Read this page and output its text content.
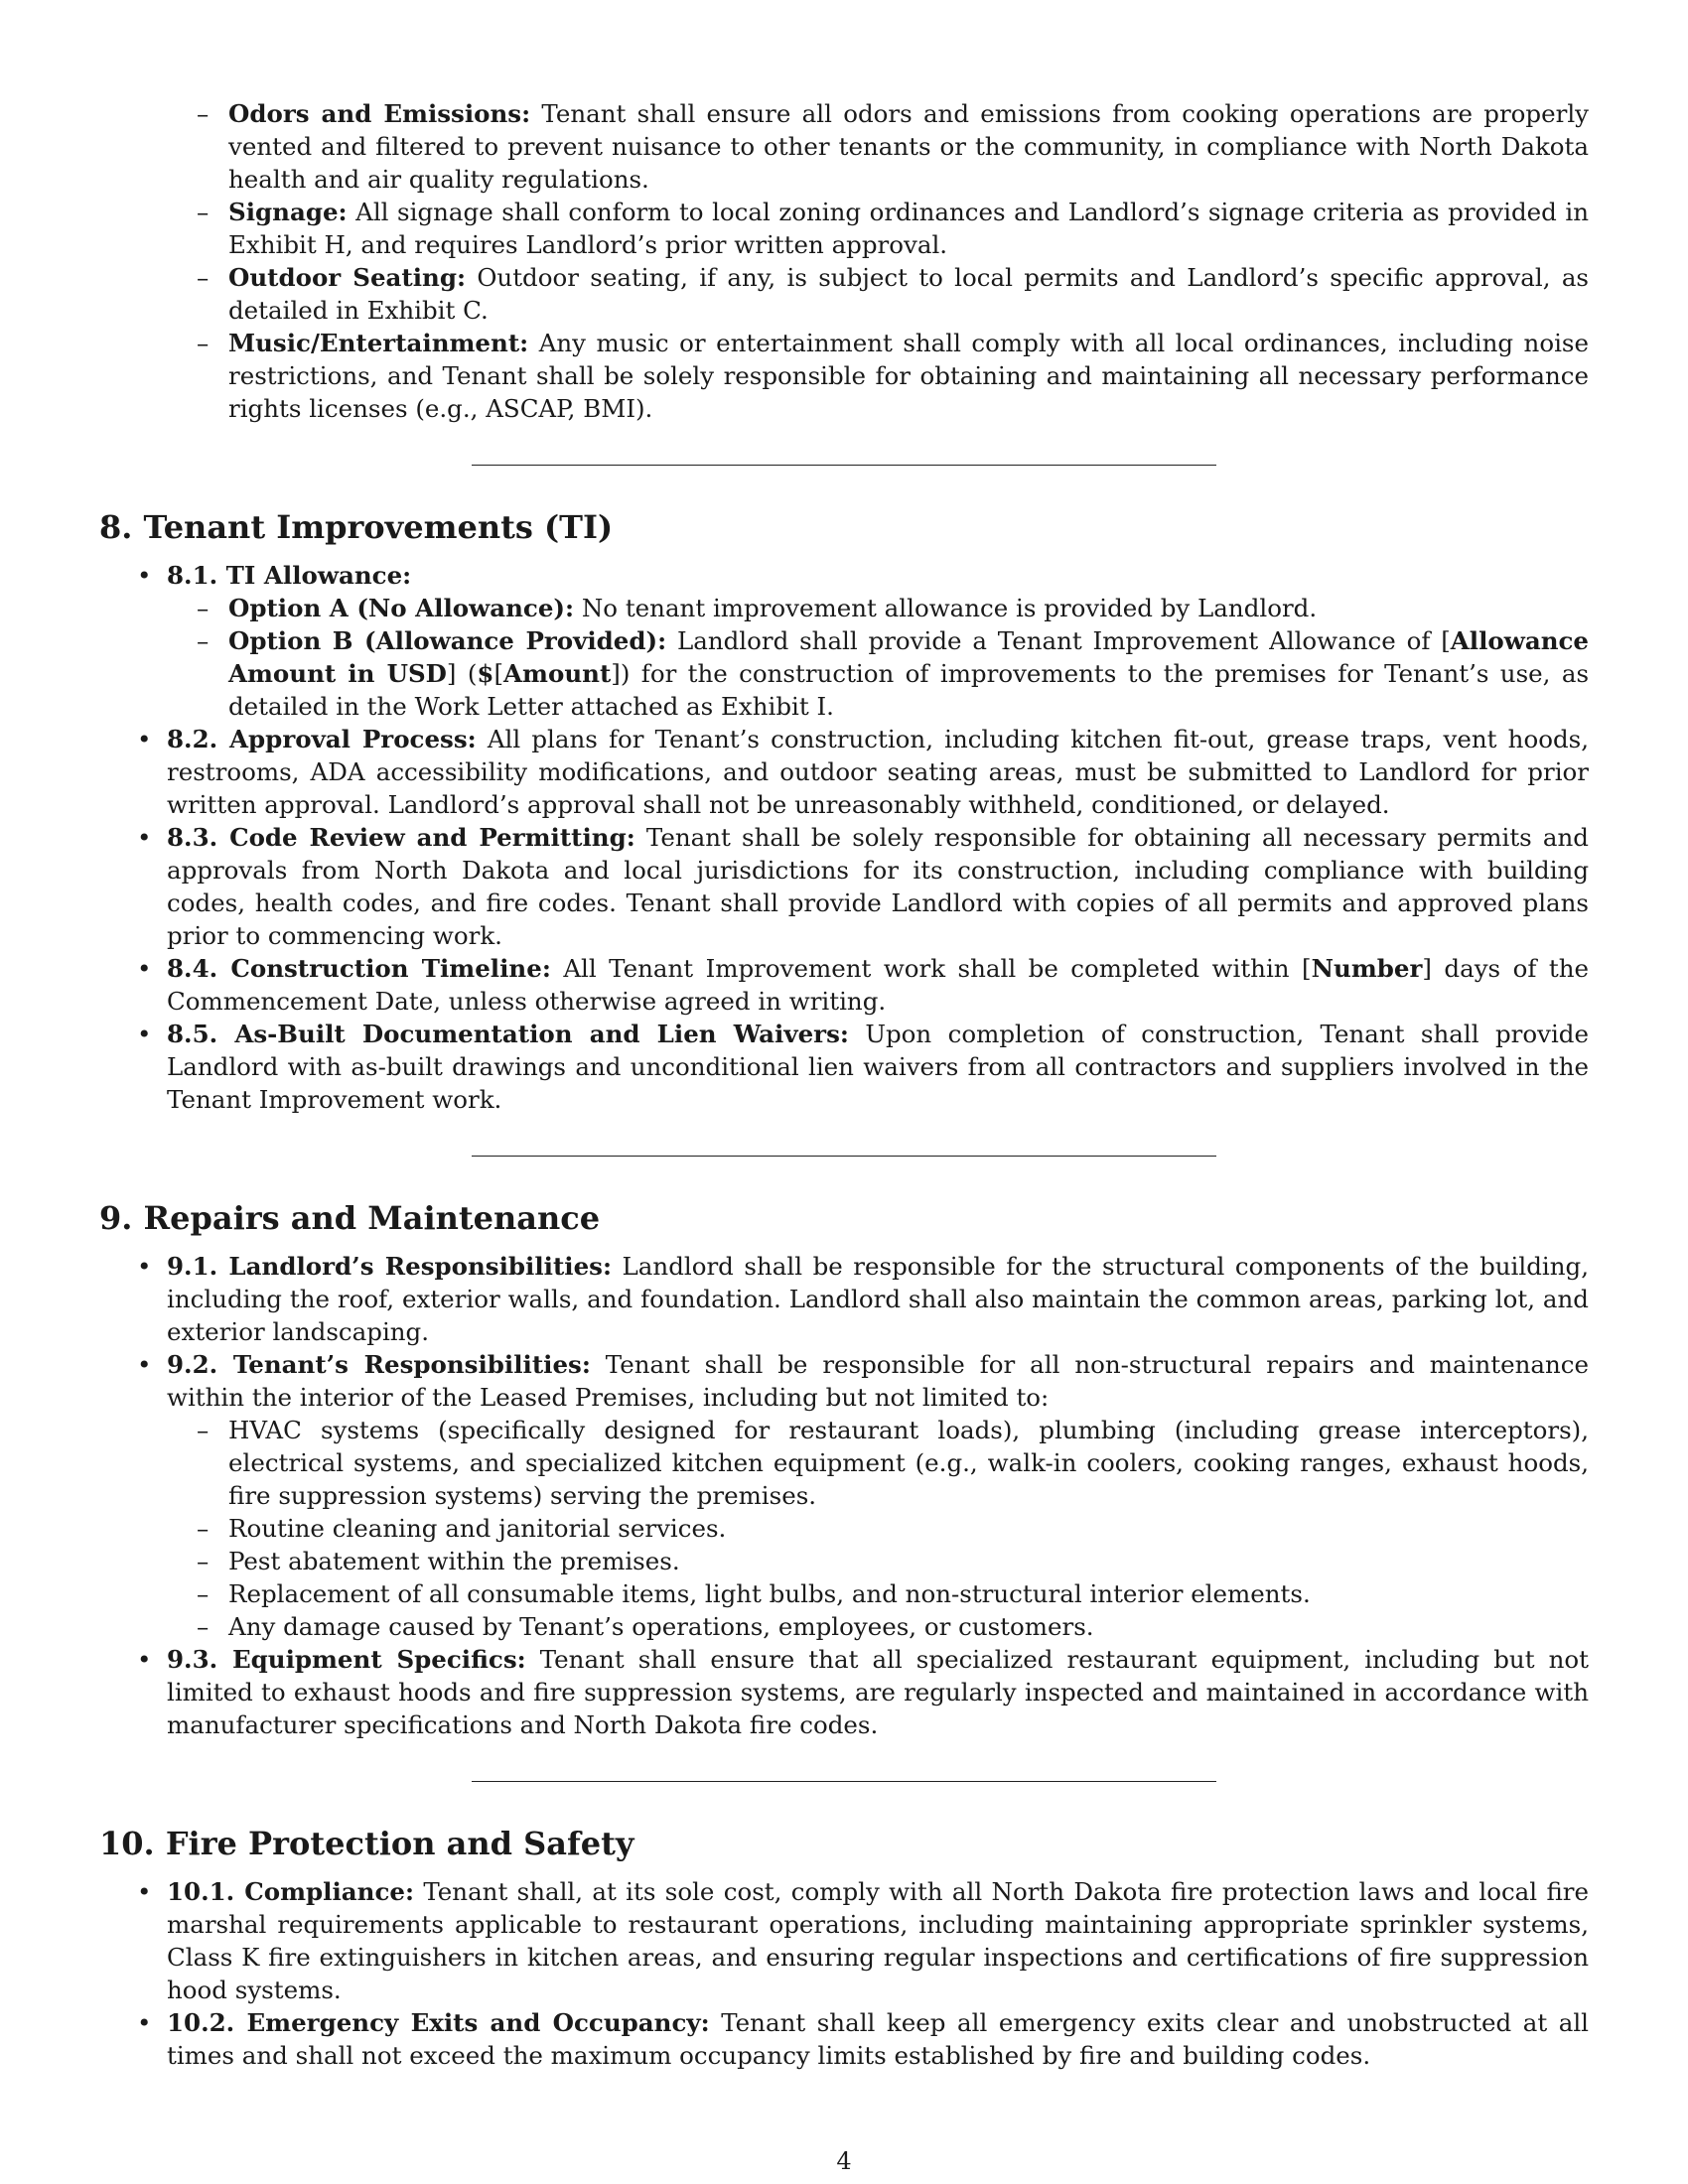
– Odors and Emissions: Tenant shall ensure all odors and emissions from cooking operations are properly vented and filtered to prevent nuisance to other tenants or the community, in compliance with North Dakota health and air quality regulations.
– Signage: All signage shall conform to local zoning ordinances and Landlord’s signage criteria as provided in Exhibit H, and requires Landlord’s prior written approval.
– Outdoor Seating: Outdoor seating, if any, is subject to local permits and Landlord’s specific approval, as detailed in Exhibit C.
– Music/Entertainment: Any music or entertainment shall comply with all local ordinances, including noise restrictions, and Tenant shall be solely responsible for obtaining and maintaining all necessary performance rights licenses (e.g., ASCAP, BMI).
8. Tenant Improvements (TI)
• 8.1. TI Allowance:
– Option A (No Allowance): No tenant improvement allowance is provided by Landlord.
– Option B (Allowance Provided): Landlord shall provide a Tenant Improvement Allowance of [Allowance Amount in USD] ($[Amount]) for the construction of improvements to the premises for Tenant’s use, as detailed in the Work Letter attached as Exhibit I.
• 8.2. Approval Process: All plans for Tenant’s construction, including kitchen fit-out, grease traps, vent hoods, restrooms, ADA accessibility modifications, and outdoor seating areas, must be submitted to Landlord for prior written approval. Landlord’s approval shall not be unreasonably withheld, conditioned, or delayed.
• 8.3. Code Review and Permitting: Tenant shall be solely responsible for obtaining all necessary permits and approvals from North Dakota and local jurisdictions for its construction, including compliance with building codes, health codes, and fire codes. Tenant shall provide Landlord with copies of all permits and approved plans prior to commencing work.
• 8.4. Construction Timeline: All Tenant Improvement work shall be completed within [Number] days of the Commencement Date, unless otherwise agreed in writing.
• 8.5. As-Built Documentation and Lien Waivers: Upon completion of construction, Tenant shall provide Landlord with as-built drawings and unconditional lien waivers from all contractors and suppliers involved in the Tenant Improvement work.
9. Repairs and Maintenance
• 9.1. Landlord’s Responsibilities: Landlord shall be responsible for the structural components of the building, including the roof, exterior walls, and foundation. Landlord shall also maintain the common areas, parking lot, and exterior landscaping.
• 9.2. Tenant’s Responsibilities: Tenant shall be responsible for all non-structural repairs and maintenance within the interior of the Leased Premises, including but not limited to:
– HVAC systems (specifically designed for restaurant loads), plumbing (including grease interceptors), electrical systems, and specialized kitchen equipment (e.g., walk-in coolers, cooking ranges, exhaust hoods, fire suppression systems) serving the premises.
– Routine cleaning and janitorial services.
– Pest abatement within the premises.
– Replacement of all consumable items, light bulbs, and non-structural interior elements.
– Any damage caused by Tenant’s operations, employees, or customers.
• 9.3. Equipment Specifics: Tenant shall ensure that all specialized restaurant equipment, including but not limited to exhaust hoods and fire suppression systems, are regularly inspected and maintained in accordance with manufacturer specifications and North Dakota fire codes.
10. Fire Protection and Safety
• 10.1. Compliance: Tenant shall, at its sole cost, comply with all North Dakota fire protection laws and local fire marshal requirements applicable to restaurant operations, including maintaining appropriate sprinkler systems, Class K fire extinguishers in kitchen areas, and ensuring regular inspections and certifications of fire suppression hood systems.
• 10.2. Emergency Exits and Occupancy: Tenant shall keep all emergency exits clear and unobstructed at all times and shall not exceed the maximum occupancy limits established by fire and building codes.
4
